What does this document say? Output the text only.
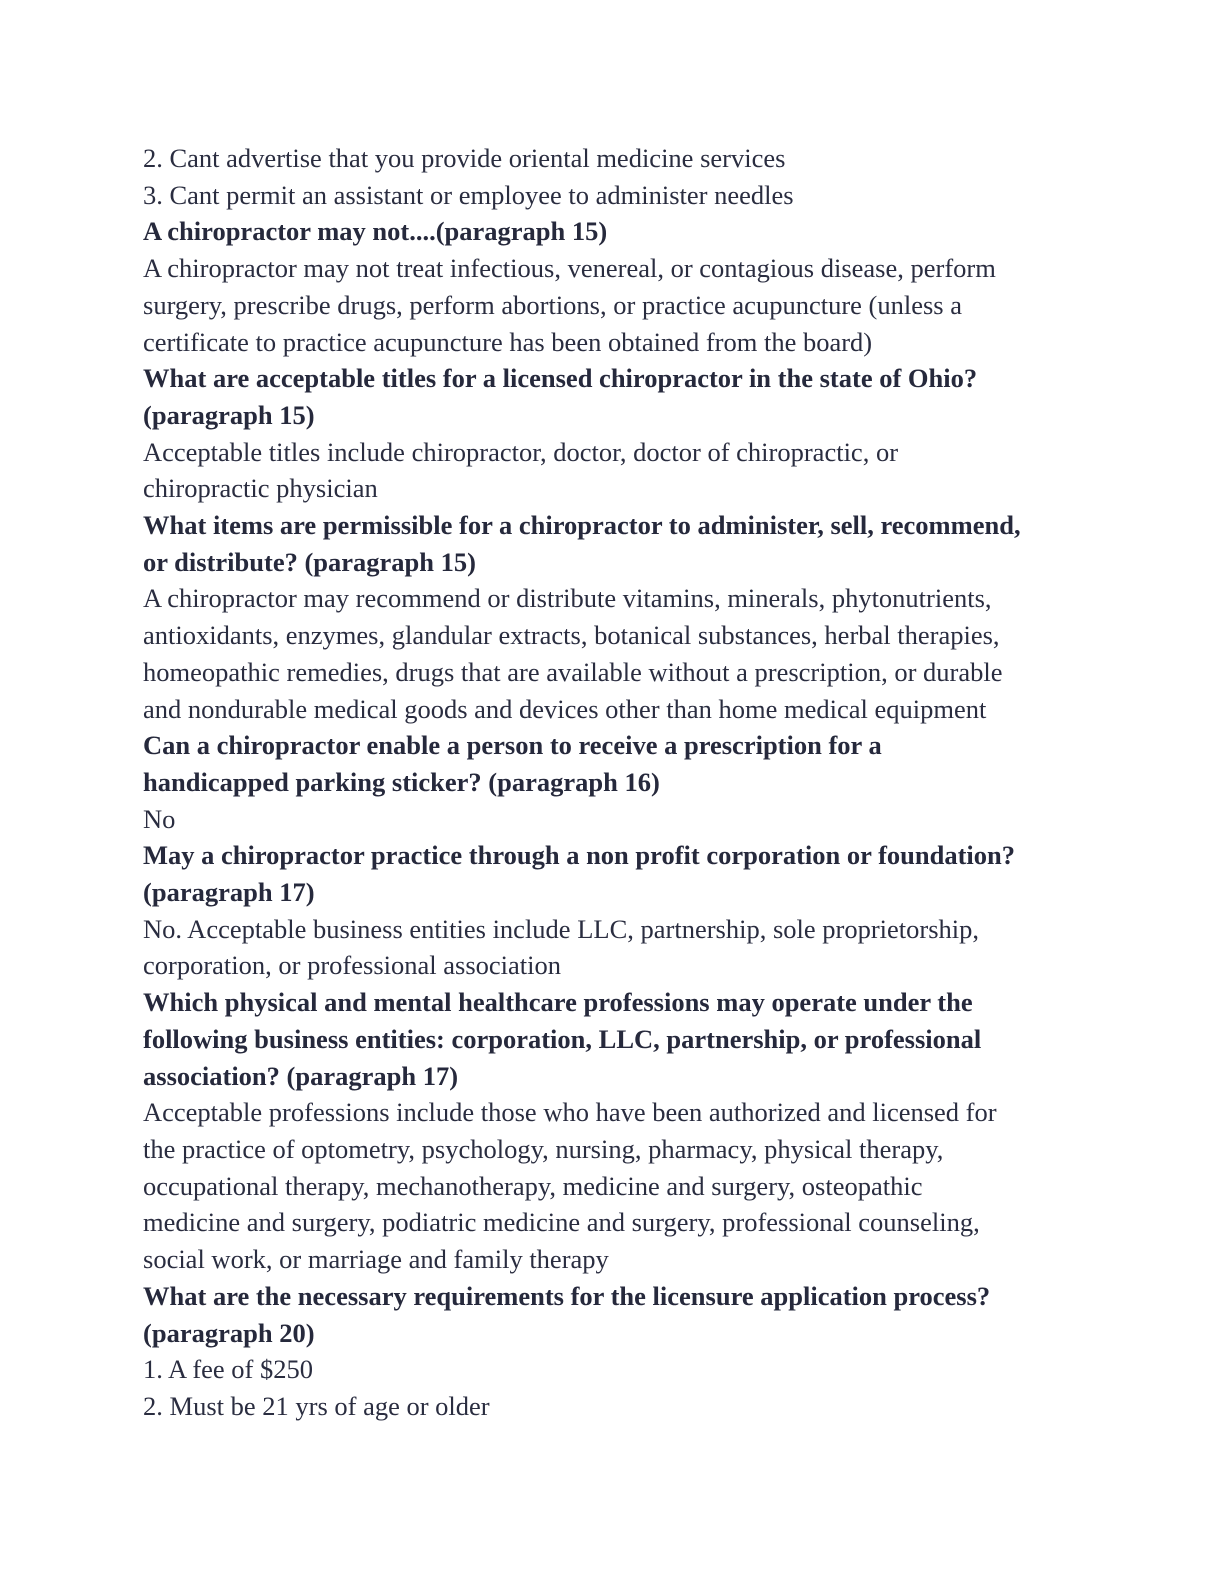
2. Cant advertise that you provide oriental medicine services
3. Cant permit an assistant or employee to administer needles
A chiropractor may not....(paragraph 15)
A chiropractor may not treat infectious, venereal, or contagious disease, perform
surgery, prescribe drugs, perform abortions, or practice acupuncture (unless a
certificate to practice acupuncture has been obtained from the board)
What are acceptable titles for a licensed chiropractor in the state of Ohio?
(paragraph 15)
Acceptable titles include chiropractor, doctor, doctor of chiropractic, or
chiropractic physician
What items are permissible for a chiropractor to administer, sell, recommend,
or distribute? (paragraph 15)
A chiropractor may recommend or distribute vitamins, minerals, phytonutrients,
antioxidants, enzymes, glandular extracts, botanical substances, herbal therapies,
homeopathic remedies, drugs that are available without a prescription, or durable
and nondurable medical goods and devices other than home medical equipment
Can a chiropractor enable a person to receive a prescription for a
handicapped parking sticker? (paragraph 16)
No
May a chiropractor practice through a non profit corporation or foundation?
(paragraph 17)
No. Acceptable business entities include LLC, partnership, sole proprietorship,
corporation, or professional association
Which physical and mental healthcare professions may operate under the
following business entities: corporation, LLC, partnership, or professional
association? (paragraph 17)
Acceptable professions include those who have been authorized and licensed for
the practice of optometry, psychology, nursing, pharmacy, physical therapy,
occupational therapy, mechanotherapy, medicine and surgery, osteopathic
medicine and surgery, podiatric medicine and surgery, professional counseling,
social work, or marriage and family therapy
What are the necessary requirements for the licensure application process?
(paragraph 20)
1. A fee of $250
2. Must be 21 yrs of age or older
